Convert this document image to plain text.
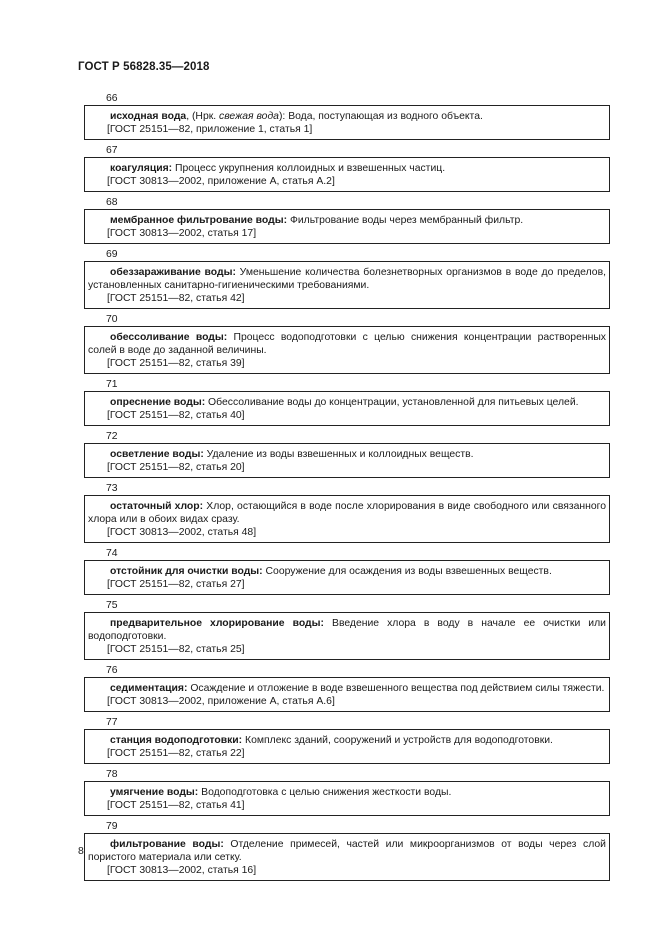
ГОСТ Р 56828.35—2018
66

исходная вода, (Нрк. свежая вода): Вода, поступающая из водного объекта.

[ГОСТ 25151—82, приложение 1, статья 1]

67

коагуляция: Процесс укрупнения коллоидных и взвешенных частиц.

[ГОСТ 30813—2002, приложение А, статья А.2]

68

мембранное фильтрование воды: Фильтрование воды через мембранный фильтр.

[ГОСТ 30813—2002, статья 17]

69

обеззараживание воды: Уменьшение количества болезнетворных организмов в воде до пределов, установленных санитарно-гигиеническими требованиями.

[ГОСТ 25151—82, статья 42]

70

обессоливание воды: Процесс водоподготовки с целью снижения концентрации растворенных солей в воде до заданной величины.

[ГОСТ 25151—82, статья 39]

71

опреснение воды: Обессоливание воды до концентрации, установленной для питьевых целей.

[ГОСТ 25151—82, статья 40]

72

осветление воды: Удаление из воды взвешенных и коллоидных веществ.

[ГОСТ 25151—82, статья 20]

73

остаточный хлор: Хлор, остающийся в воде после хлорирования в виде свободного или связанного хлора или в обоих видах сразу.

[ГОСТ 30813—2002, статья 48]

74

отстойник для очистки воды: Сооружение для осаждения из воды взвешенных веществ.

[ГОСТ 25151—82, статья 27]

75

предварительное хлорирование воды: Введение хлора в воду в начале ее очистки или водоподготовки.

[ГОСТ 25151—82, статья 25]

76

седиментация: Осаждение и отложение в воде взвешенного вещества под действием силы тяжести.

[ГОСТ 30813—2002, приложение А, статья А.6]

77

станция водоподготовки: Комплекс зданий, сооружений и устройств для водоподготовки.

[ГОСТ 25151—82, статья 22]

78

умягчение воды: Водоподготовка с целью снижения жесткости воды.

[ГОСТ 25151—82, статья 41]

79

фильтрование воды: Отделение примесей, частей или микроорганизмов от воды через слой пористого материала или сетку.

[ГОСТ 30813—2002, статья 16]

8
